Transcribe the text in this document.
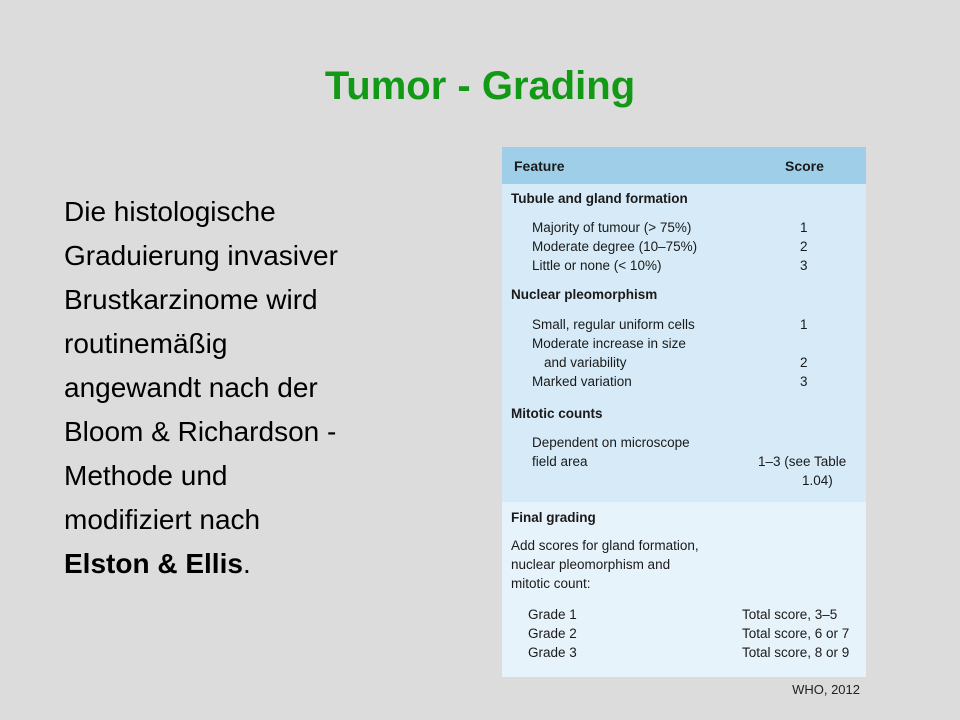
Tumor - Grading
Die histologische
Graduierung invasiver
Brustkarzinome wird
routinemäßig
angewandt nach der
Bloom & Richardson -
Methode und
modifiziert nach
Elston & Ellis.
Feature	Score
Tubule and gland formation
Majority of tumour (> 75%)	1
Moderate degree (10–75%)	2
Little or none (< 10%)	3
Nuclear pleomorphism
Small, regular uniform cells	1
Moderate increase in size
and variability	2
Marked variation	3
Mitotic counts
Dependent on microscope
field area	1–3 (see Table
1.04)
Final grading
Add scores for gland formation,
nuclear pleomorphism and
mitotic count:
Grade 1	Total score, 3–5
Grade 2	Total score, 6 or 7
Grade 3	Total score, 8 or 9
WHO, 2012
